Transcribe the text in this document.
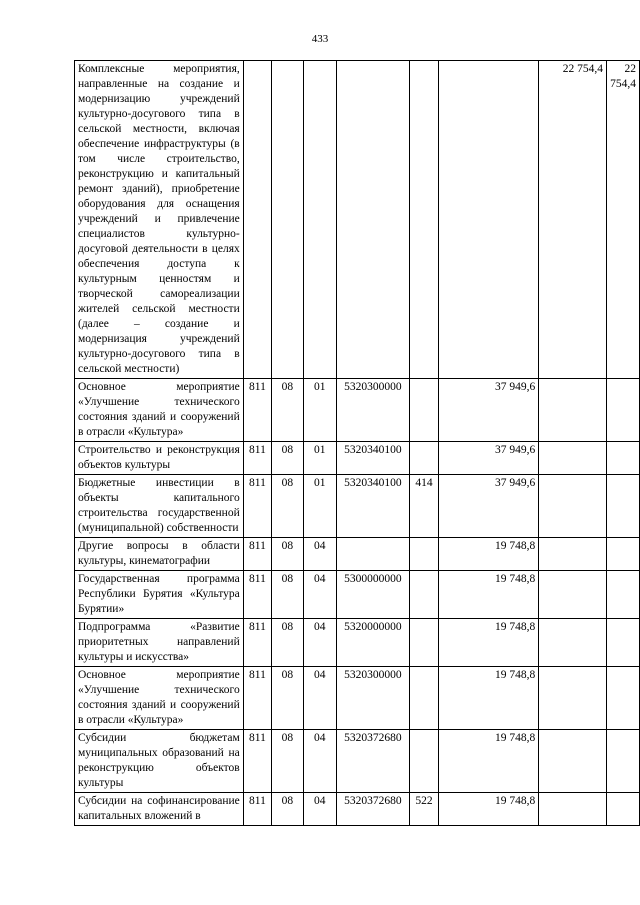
433
Комплексные мероприятия, направленные на создание и модернизацию учреждений культурно-досугового типа в сельской местности, включая обеспечение инфраструктуры (в том числе строительство, реконструкцию и капитальный ремонт зданий), приобретение оборудования для оснащения учреждений и привлечение специалистов культурно-досуговой деятельности в целях обеспечения доступа к культурным ценностям и творческой самореализации жителей сельской местности (далее – создание и модернизация учреждений культурно-досугового типа в сельской местности)							22 754,4	22 754,4
Основное мероприятие «Улучшение технического состояния зданий и сооружений в отрасли «Культура»	811	08	01	5320300000		37 949,6		
Строительство и реконструкция объектов культуры	811	08	01	5320340100		37 949,6		
Бюджетные инвестиции в объекты капитального строительства государственной (муниципальной) собственности	811	08	01	5320340100	414	37 949,6		
Другие вопросы в области культуры, кинематографии	811	08	04			19 748,8		
Государственная программа Республики Бурятия «Культура Бурятии»	811	08	04	5300000000		19 748,8		
Подпрограмма «Развитие приоритетных направлений культуры и искусства»	811	08	04	5320000000		19 748,8		
Основное мероприятие «Улучшение технического состояния зданий и сооружений в отрасли «Культура»	811	08	04	5320300000		19 748,8		
Субсидии бюджетам муниципальных образований на реконструкцию объектов культуры	811	08	04	5320372680		19 748,8		
Субсидии на софинансирование капитальных вложений в	811	08	04	5320372680	522	19 748,8		
